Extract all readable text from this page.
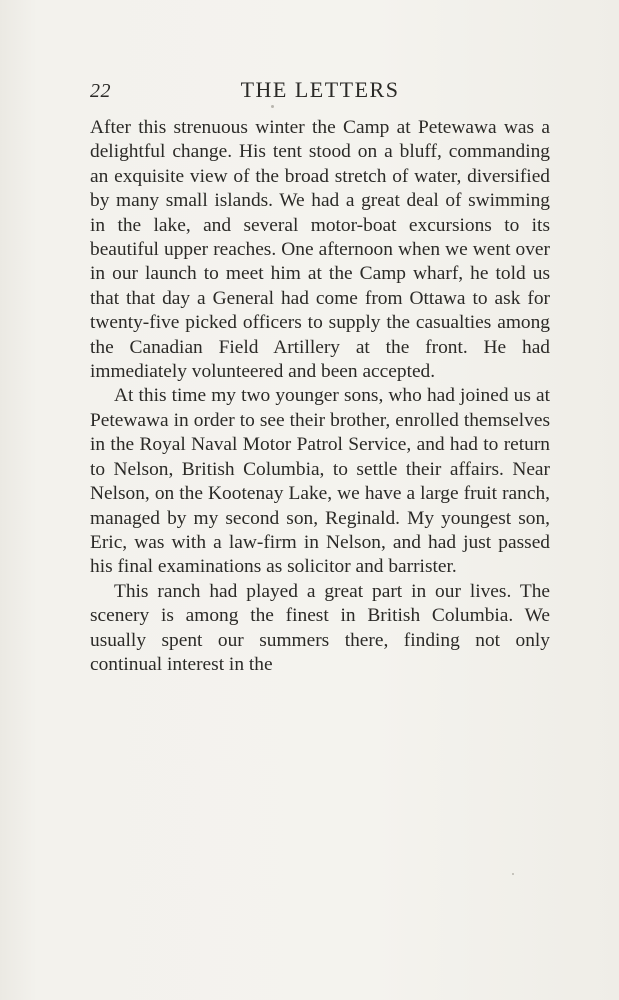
22	THE LETTERS

After this strenuous winter the Camp at Petewawa was a delightful change. His tent stood on a bluff, commanding an exquisite view of the broad stretch of water, diversified by many small islands. We had a great deal of swimming in the lake, and several motor-boat excursions to its beautiful upper reaches. One afternoon when we went over in our launch to meet him at the Camp wharf, he told us that that day a General had come from Ottawa to ask for twenty-five picked officers to supply the casualties among the Canadian Field Artillery at the front. He had immediately volunteered and been accepted.

At this time my two younger sons, who had joined us at Petewawa in order to see their brother, enrolled themselves in the Royal Naval Motor Patrol Service, and had to return to Nelson, British Columbia, to settle their affairs. Near Nelson, on the Kootenay Lake, we have a large fruit ranch, managed by my second son, Reginald. My youngest son, Eric, was with a law-firm in Nelson, and had just passed his final examinations as solicitor and barrister.

This ranch had played a great part in our lives. The scenery is among the finest in British Columbia. We usually spent our summers there, finding not only continual interest in the
